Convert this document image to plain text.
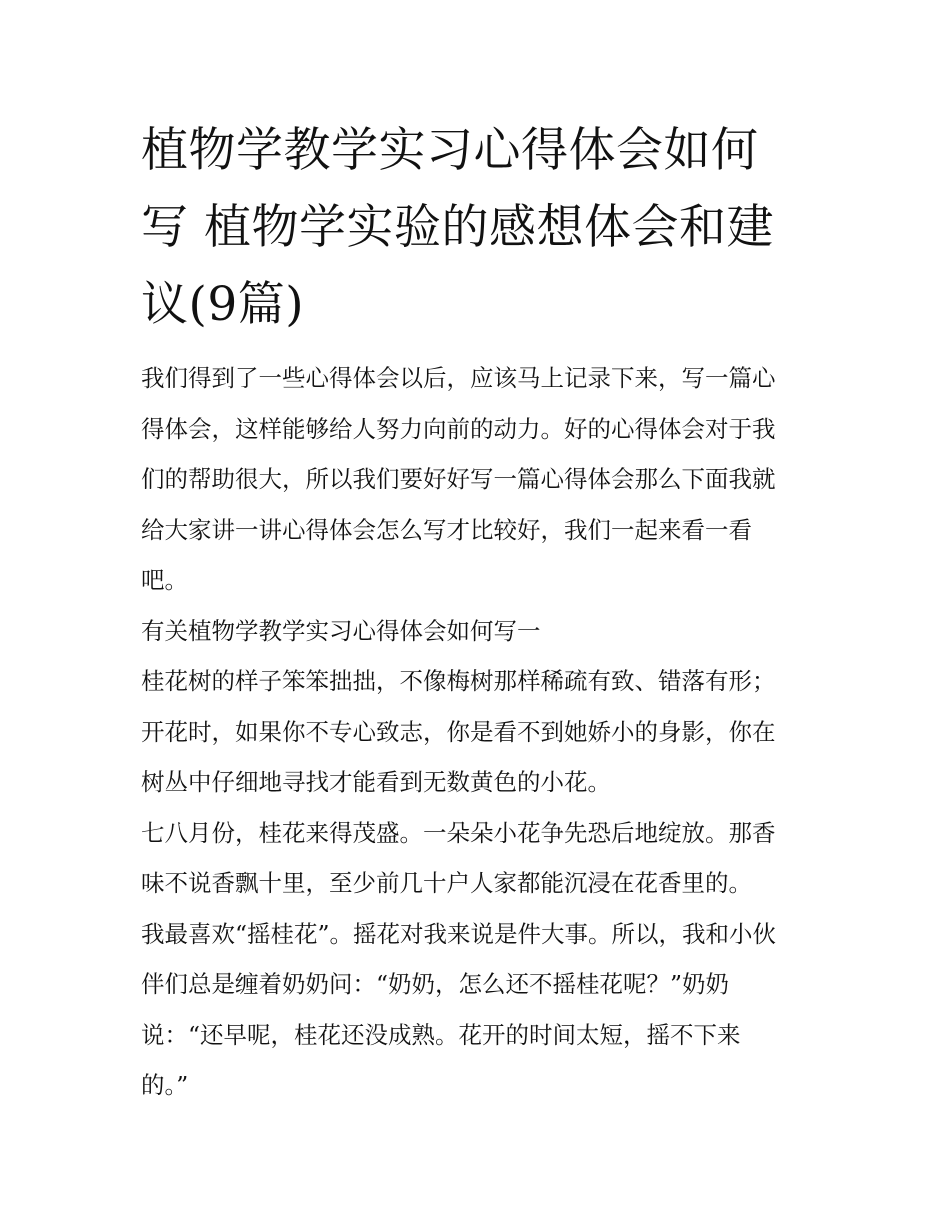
植物学教学实习心得体会如何
写 植物学实验的感想体会和建
议(9篇)

我们得到了一些心得体会以后，应该马上记录下来，写一篇心
得体会，这样能够给人努力向前的动力。好的心得体会对于我
们的帮助很大，所以我们要好好写一篇心得体会那么下面我就
给大家讲一讲心得体会怎么写才比较好，我们一起来看一看
吧。

有关植物学教学实习心得体会如何写一

桂花树的样子笨笨拙拙，不像梅树那样稀疏有致、错落有形；
开花时，如果你不专心致志，你是看不到她娇小的身影，你在
树丛中仔细地寻找才能看到无数黄色的小花。

七八月份，桂花来得茂盛。一朵朵小花争先恐后地绽放。那香
味不说香飘十里，至少前几十户人家都能沉浸在花香里的。

我最喜欢“摇桂花”。摇花对我来说是件大事。所以，我和小伙
伴们总是缠着奶奶问：“奶奶，怎么还不摇桂花呢？”奶奶
说：“还早呢，桂花还没成熟。花开的时间太短，摇不下来
的。”
